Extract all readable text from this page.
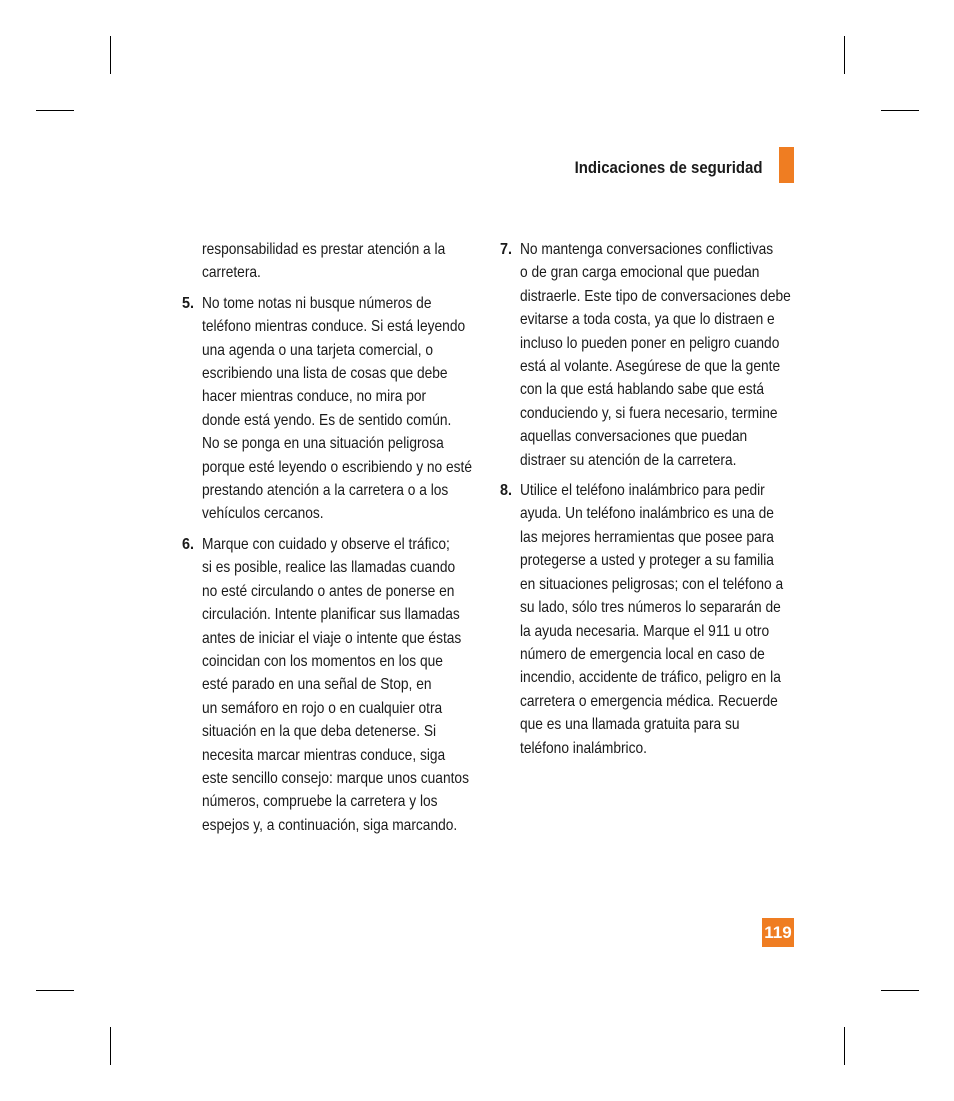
Indicaciones de seguridad
responsabilidad es prestar atención a la
carretera.
5. No tome notas ni busque números de
teléfono mientras conduce. Si está leyendo
una agenda o una tarjeta comercial, o
escribiendo una lista de cosas que debe
hacer mientras conduce, no mira por
donde está yendo. Es de sentido común.
No se ponga en una situación peligrosa
porque esté leyendo o escribiendo y no esté
prestando atención a la carretera o a los
vehículos cercanos.
6. Marque con cuidado y observe el tráfico;
si es posible, realice las llamadas cuando
no esté circulando o antes de ponerse en
circulación. Intente planificar sus llamadas
antes de iniciar el viaje o intente que éstas
coincidan con los momentos en los que
esté parado en una señal de Stop, en
un semáforo en rojo o en cualquier otra
situación en la que deba detenerse. Si
necesita marcar mientras conduce, siga
este sencillo consejo: marque unos cuantos
números, compruebe la carretera y los
espejos y, a continuación, siga marcando.
7. No mantenga conversaciones conflictivas
o de gran carga emocional que puedan
distraerle. Este tipo de conversaciones debe
evitarse a toda costa, ya que lo distraen e
incluso lo pueden poner en peligro cuando
está al volante. Asegúrese de que la gente
con la que está hablando sabe que está
conduciendo y, si fuera necesario, termine
aquellas conversaciones que puedan
distraer su atención de la carretera.
8. Utilice el teléfono inalámbrico para pedir
ayuda. Un teléfono inalámbrico es una de
las mejores herramientas que posee para
protegerse a usted y proteger a su familia
en situaciones peligrosas; con el teléfono a
su lado, sólo tres números lo separarán de
la ayuda necesaria. Marque el 911 u otro
número de emergencia local en caso de
incendio, accidente de tráfico, peligro en la
carretera o emergencia médica. Recuerde
que es una llamada gratuita para su
teléfono inalámbrico.
119
